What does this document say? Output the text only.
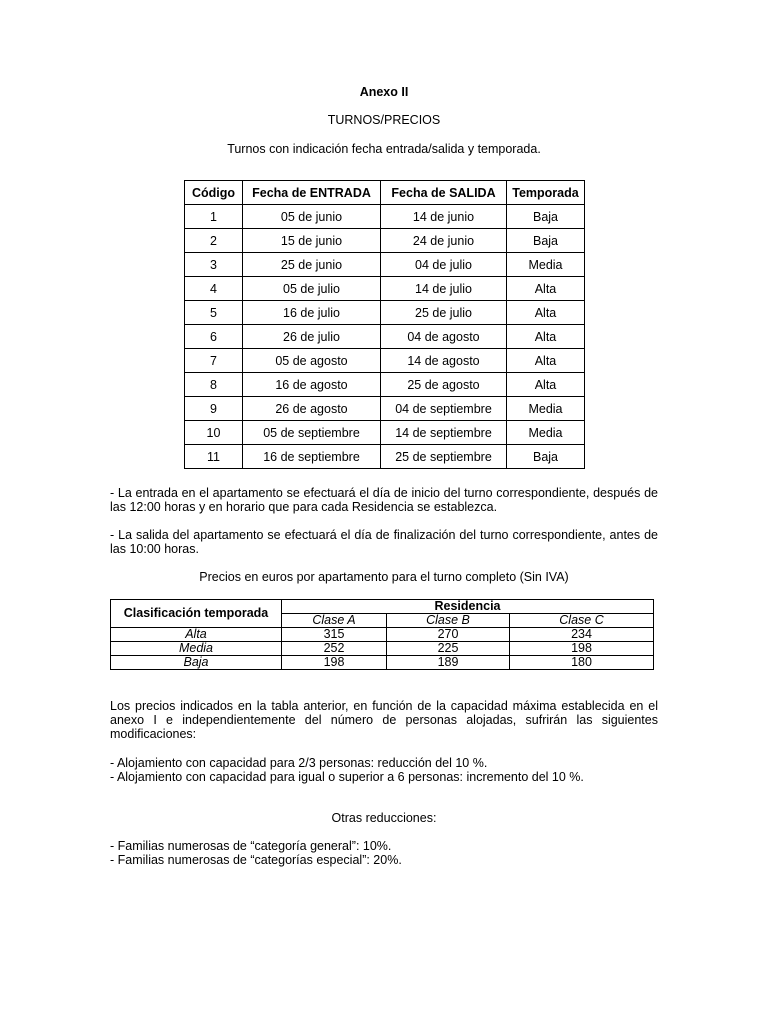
Anexo II
TURNOS/PRECIOS
Turnos con indicación fecha entrada/salida y temporada.
Código	Fecha de ENTRADA	Fecha de SALIDA	Temporada
1	05 de junio	14 de junio	Baja
2	15 de junio	24 de junio	Baja
3	25 de junio	04 de julio	Media
4	05 de julio	14 de julio	Alta
5	16 de julio	25 de julio	Alta
6	26 de julio	04 de agosto	Alta
7	05 de agosto	14 de agosto	Alta
8	16 de agosto	25 de agosto	Alta
9	26 de agosto	04 de septiembre	Media
10	05 de septiembre	14 de septiembre	Media
11	16 de septiembre	25 de septiembre	Baja
- La entrada en el apartamento se efectuará el día de inicio del turno correspondiente, después de las 12:00 horas y en horario que para cada Residencia se establezca.
- La salida del apartamento se efectuará el día de finalización del turno correspondiente, antes de las 10:00 horas.
Precios en euros por apartamento para el turno completo (Sin IVA)
Clasificación temporada	Residencia		
	Clase A	Clase B	Clase C
Alta	315	270	234
Media	252	225	198
Baja	198	189	180
Los precios indicados en la tabla anterior, en función de la capacidad máxima establecida en el anexo I e independientemente del número de personas alojadas, sufrirán las siguientes modificaciones:
- Alojamiento con capacidad para 2/3 personas: reducción del 10 %.
- Alojamiento con capacidad para igual o superior a 6 personas: incremento del 10 %.
Otras reducciones:
- Familias numerosas de “categoría general”: 10%.
- Familias numerosas de “categorías especial”: 20%.
